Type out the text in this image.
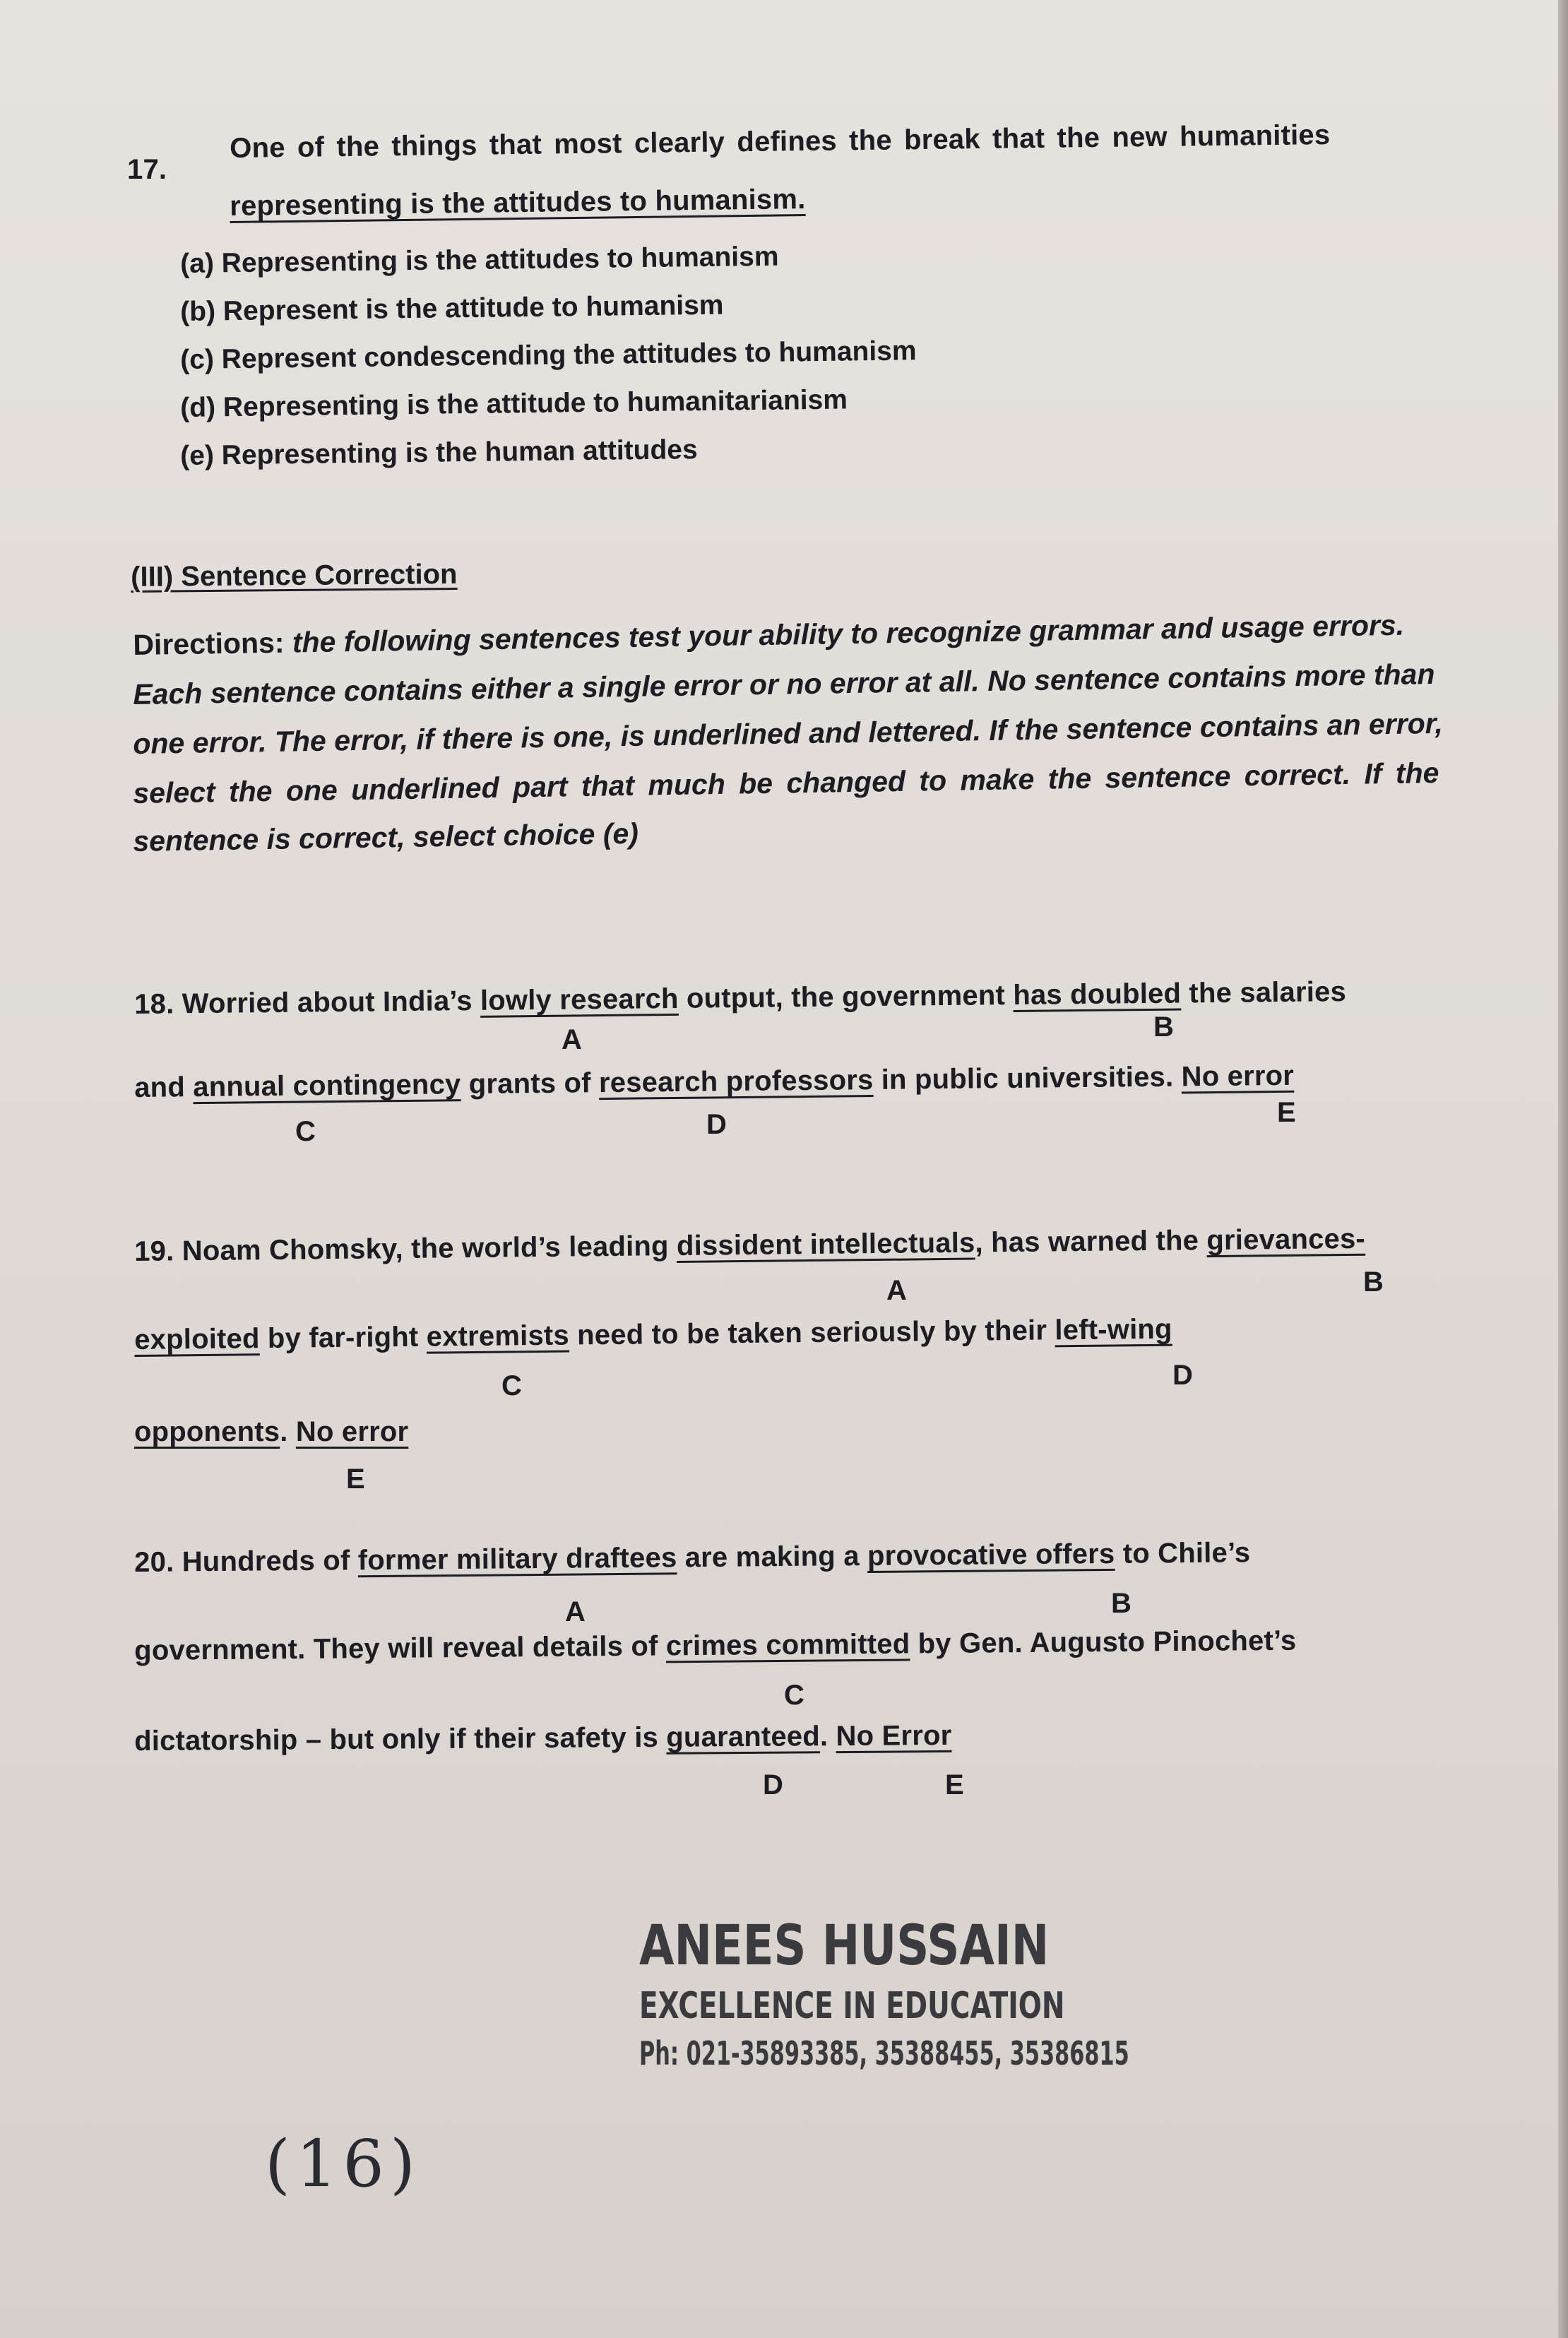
17.
One of the things that most clearly defines the break that the new humanities
representing is the attitudes to humanism.
(a) Representing is the attitudes to humanism
(b) Represent is the attitude to humanism
(c) Represent condescending the attitudes to humanism
(d) Representing is the attitude to humanitarianism
(e) Representing is the human attitudes
(III) Sentence Correction
Directions: the following sentences test your ability to recognize grammar and usage errors.
Each sentence contains either a single error or no error at all. No sentence contains more than
one error. The error, if there is one, is underlined and lettered. If the sentence contains an error,
select the one underlined part that much be changed to make the sentence correct. If the
sentence is correct, select choice (e)
18. Worried about India’s lowly research output, the government has doubled the salaries
A	B
and annual contingency grants of research professors in public universities. No error
C	D	E
19. Noam Chomsky, the world’s leading dissident intellectuals, has warned the grievances-
A	B
exploited by far-right extremists need to be taken seriously by their left-wing
C	D
opponents. No error
E
20. Hundreds of former military draftees are making a provocative offers to Chile’s
A	B
government. They will reveal details of crimes committed by Gen. Augusto Pinochet’s
C
dictatorship – but only if their safety is guaranteed. No Error
D	E
ANEES HUSSAIN
EXCELLENCE IN EDUCATION
Ph: 021-35893385, 35388455, 35386815
(16)
